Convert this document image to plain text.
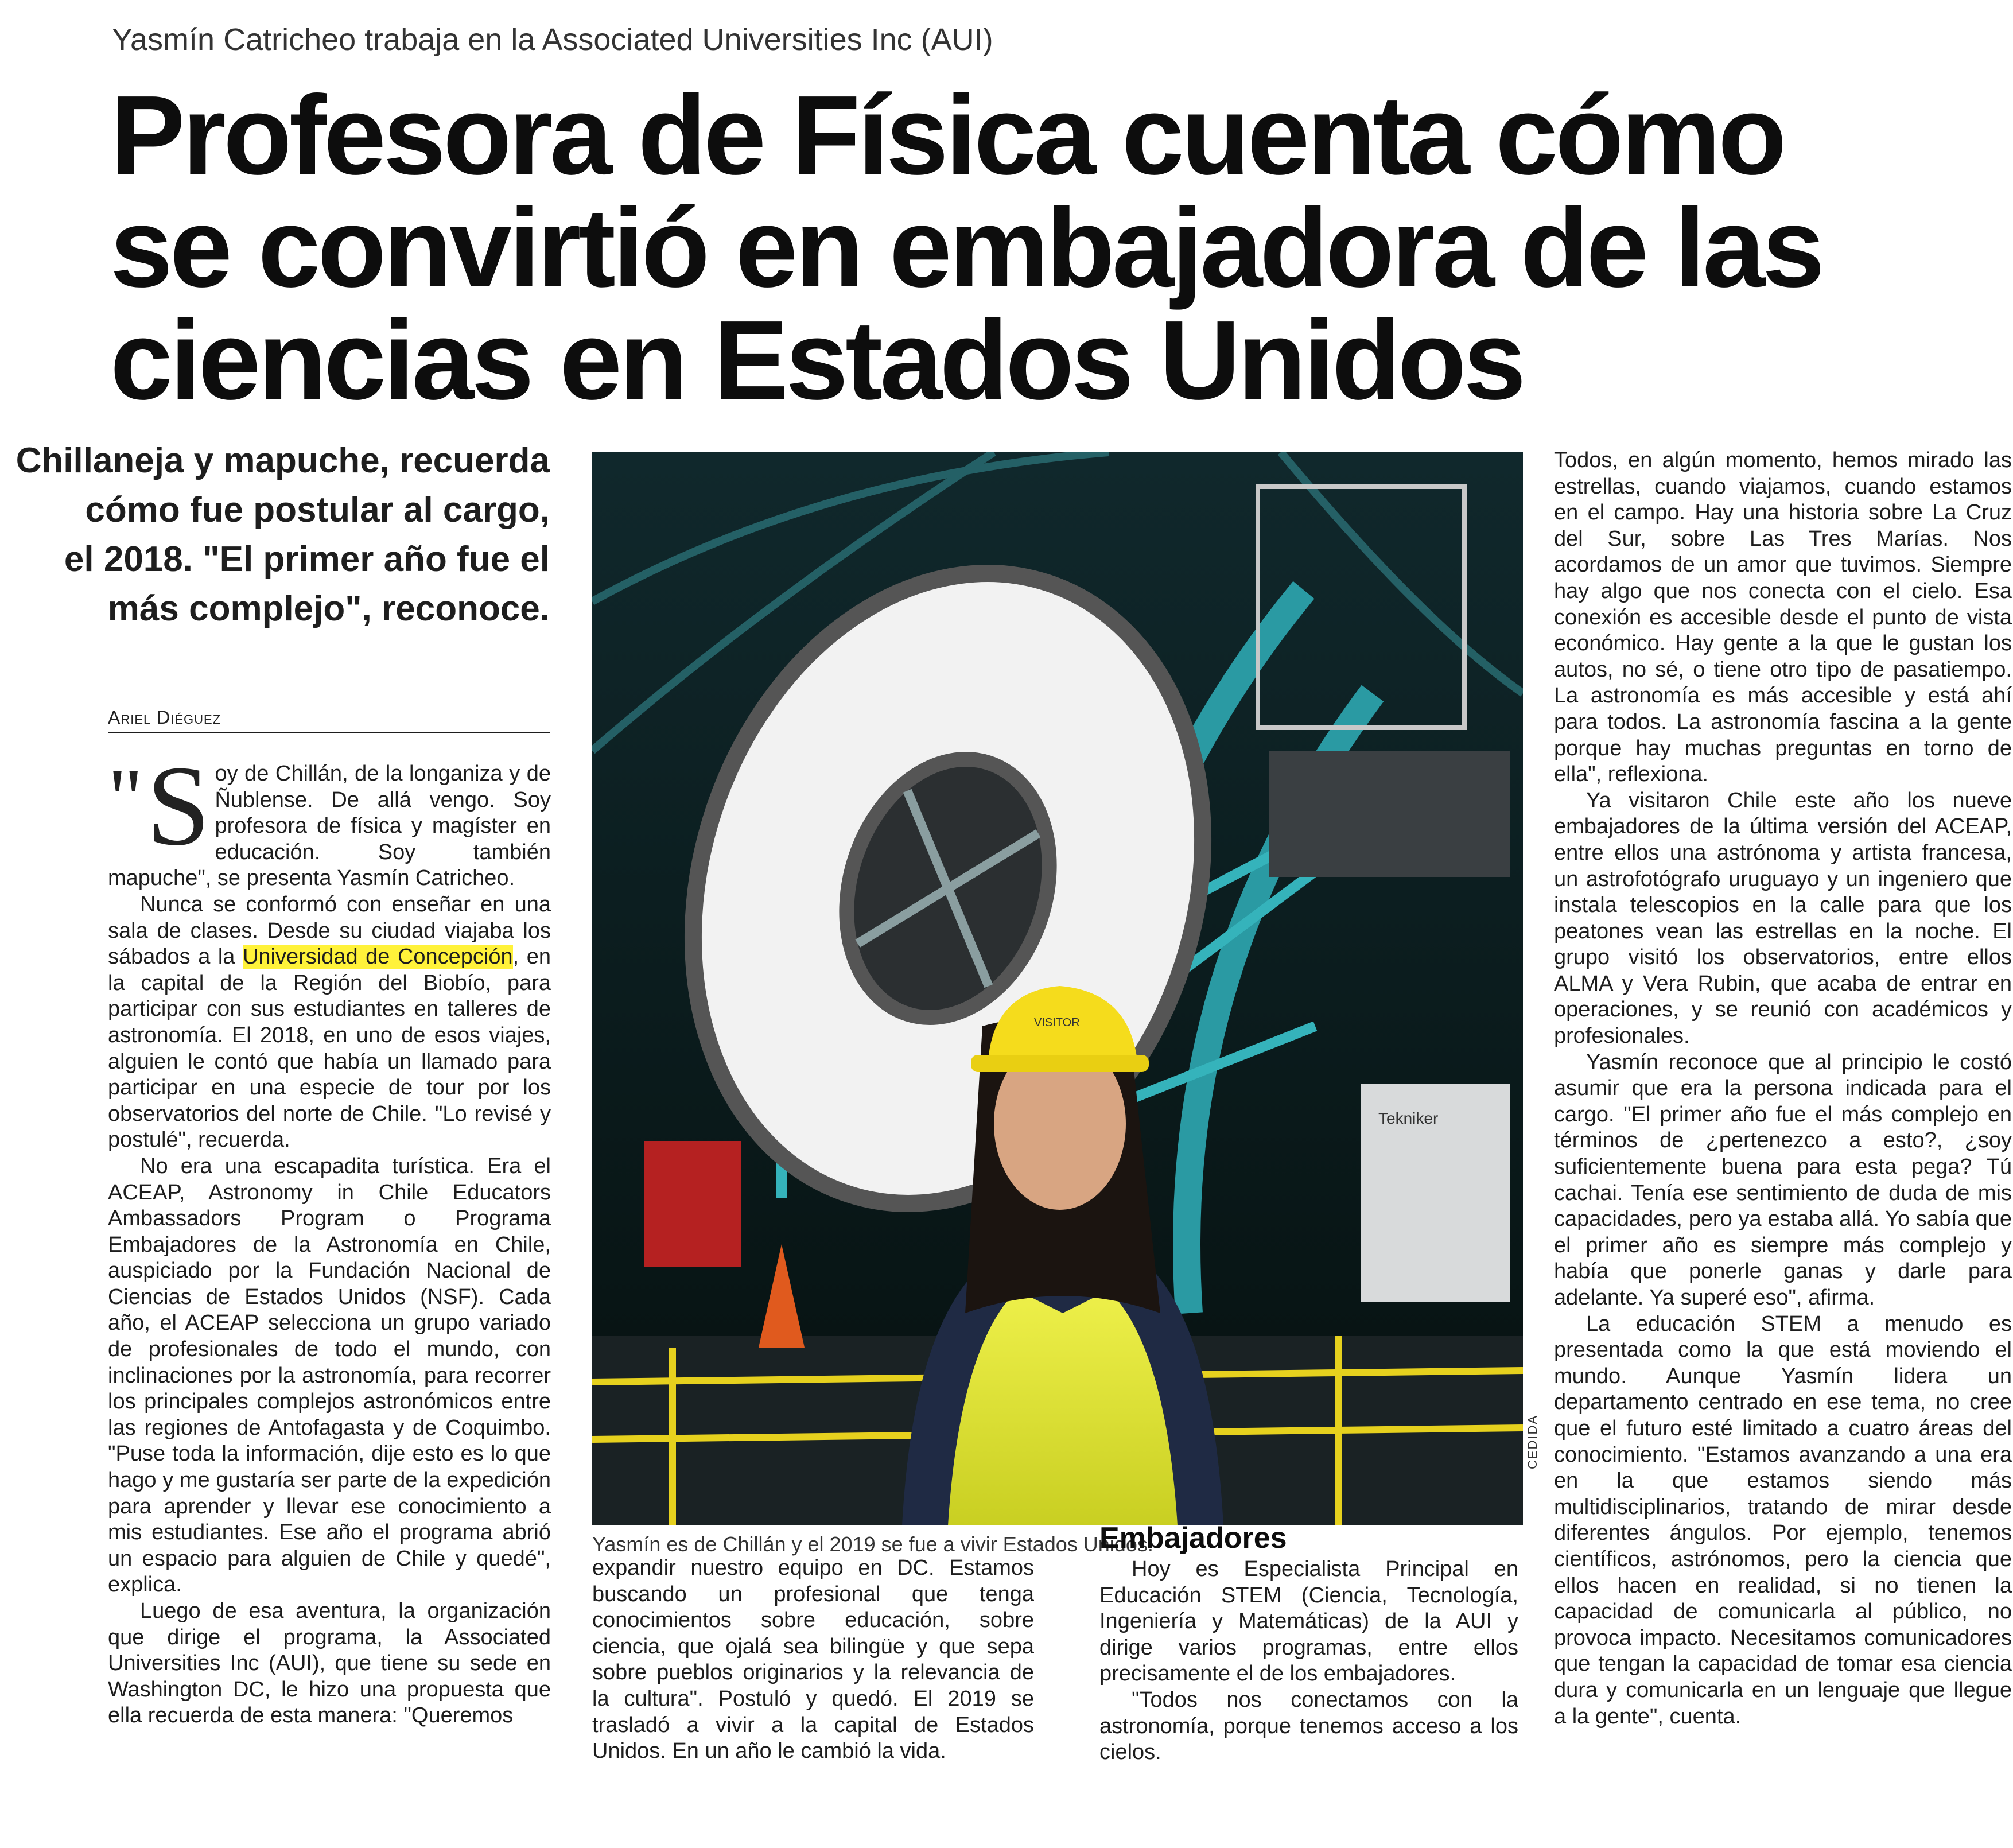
Yasmín Catricheo trabaja en la Associated Universities Inc (AUI)
Profesora de Física cuenta cómo
se convirtió en embajadora de las
ciencias en Estados Unidos
Chillaneja y mapuche, recuerda
cómo fue postular al cargo,
el 2018. "El primer año fue el
más complejo", reconoce.
Ariel Diéguez

" S oy de Chillán, de la longaniza y de Ñublense. De allá vengo. Soy profesora de física y magíster en educación. Soy también mapuche", se presenta Yasmín Catricheo.

Nunca se conformó con enseñar en una sala de clases. Desde su ciudad viajaba los sábados a la Universidad de Concepción, en la capital de la Región del Biobío, para participar con sus estudiantes en talleres de astronomía. El 2018, en uno de esos viajes, alguien le contó que había un llamado para participar en una especie de tour por los observatorios del norte de Chile. "Lo revisé y postulé", recuerda.

No era una escapadita turística. Era el ACEAP, Astronomy in Chile Educators Ambassadors Program o Programa Embajadores de la Astronomía en Chile, auspiciado por la Fundación Nacional de Ciencias de Estados Unidos (NSF). Cada año, el ACEAP selecciona un grupo variado de profesionales de todo el mundo, con inclinaciones por la astronomía, para recorrer los principales complejos astronómicos entre las regiones de Antofagasta y de Coquimbo. "Puse toda la información, dije esto es lo que hago y me gustaría ser parte de la expedición para aprender y llevar ese conocimiento a mis estudiantes. Ese año el programa abrió un espacio para alguien de Chile y quedé", explica.

Luego de esa aventura, la organización que dirige el programa, la Associated Universities Inc (AUI), que tiene su sede en Washington DC, le hizo una propuesta que ella recuerda de esta manera: "Queremos

Tekniker
VISITOR
CEDIDA
Yasmín es de Chillán y el 2019 se fue a vivir Estados Unidos.

expandir nuestro equipo en DC. Estamos buscando un profesional que tenga conocimientos sobre educación, sobre ciencia, que ojalá sea bilingüe y que sepa sobre pueblos originarios y la relevancia de la cultura". Postuló y quedó. El 2019 se trasladó a vivir a la capital de Estados Unidos. En un año le cambió la vida.

Embajadores

Hoy es Especialista Principal en Educación STEM (Ciencia, Tecnología, Ingeniería y Matemáticas) de la AUI y dirige varios programas, entre ellos precisamente el de los embajadores.

"Todos nos conectamos con la astronomía, porque tenemos acceso a los cielos.

Todos, en algún momento, hemos mirado las estrellas, cuando viajamos, cuando estamos en el campo. Hay una historia sobre La Cruz del Sur, sobre Las Tres Marías. Nos acordamos de un amor que tuvimos. Siempre hay algo que nos conecta con el cielo. Esa conexión es accesible desde el punto de vista económico. Hay gente a la que le gustan los autos, no sé, o tiene otro tipo de pasatiempo. La astronomía es más accesible y está ahí para todos. La astronomía fascina a la gente porque hay muchas preguntas en torno de ella", reflexiona.

Ya visitaron Chile este año los nueve embajadores de la última versión del ACEAP, entre ellos una astrónoma y artista francesa, un astrofotógrafo uruguayo y un ingeniero que instala telescopios en la calle para que los peatones vean las estrellas en la noche. El grupo visitó los observatorios, entre ellos ALMA y Vera Rubin, que acaba de entrar en operaciones, y se reunió con académicos y profesionales.

Yasmín reconoce que al principio le costó asumir que era la persona indicada para el cargo. "El primer año fue el más complejo en términos de ¿pertenezco a esto?, ¿soy suficientemente buena para esta pega? Tú cachai. Tenía ese sentimiento de duda de mis capacidades, pero ya estaba allá. Yo sabía que el primer año es siempre más complejo y había que ponerle ganas y darle para adelante. Ya superé eso", afirma.

La educación STEM a menudo es presentada como la que está moviendo el mundo. Aunque Yasmín lidera un departamento centrado en ese tema, no cree que el futuro esté limitado a cuatro áreas del conocimiento. "Estamos avanzando a una era en la que estamos siendo más multidisciplinarios, tratando de mirar desde diferentes ángulos. Por ejemplo, tenemos científicos, astrónomos, pero la ciencia que ellos hacen en realidad, si no tienen la capacidad de comunicarla al público, no provoca impacto. Necesitamos comunicadores que tengan la capacidad de tomar esa ciencia dura y comunicarla en un lenguaje que llegue a la gente", cuenta.
